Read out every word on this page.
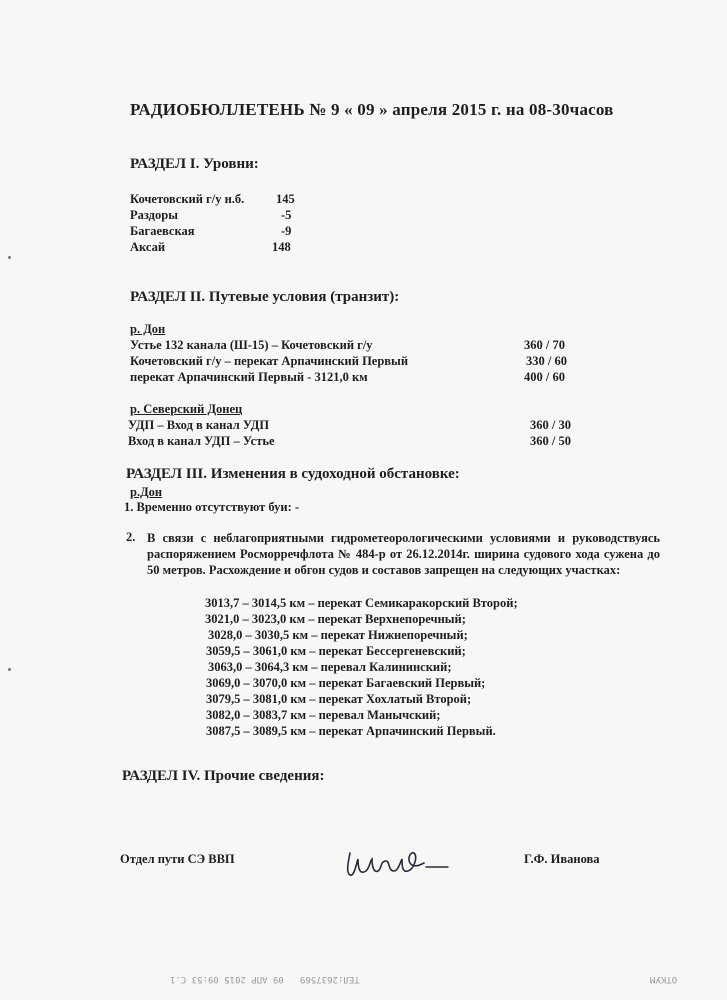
РАДИОБЮЛЛЕТЕНЬ № 9 « 09 » апреля 2015 г. на 08-30часов
РАЗДЕЛ I. Уровни:
Кочетовский г/у н.б.	145
Раздоры	-5
Багаевская	-9
Аксай	148
РАЗДЕЛ II. Путевые условия (транзит):
р. Дон
Устье 132 канала (Ш-15) – Кочетовский г/у	360 / 70
Кочетовский г/у – перекат Арпачинский Первый	330 / 60
перекат Арпачинский Первый - 3121,0 км	400 / 60
р. Северский Донец
УДП – Вход в канал УДП	360 / 30
Вход в канал УДП – Устье	360 / 50
РАЗДЕЛ III. Изменения в судоходной обстановке:
р.Дон
1. Временно отсутствуют буи: -
2. В связи с неблагоприятными гидрометеорологическими условиями и руководствуясь распоряжением Росморречфлота № 484-р от 26.12.2014г. ширина судового хода сужена до 50 метров. Расхождение и обгон судов и составов запрещен на следующих участках:
3013,7 – 3014,5 км – перекат Семикаракорский Второй;
3021,0 – 3023,0 км – перекат Верхнепоречный;
3028,0 – 3030,5 км – перекат Нижнепоречный;
3059,5 – 3061,0 км – перекат Бессергеневский;
3063,0 – 3064,3 км – перевал Калининский;
3069,0 – 3070,0 км – перекат Багаевский Первый;
3079,5 – 3081,0 км – перекат Хохлатый Второй;
3082,0 – 3083,7 км – перевал Манычский;
3087,5 – 3089,5 км – перекат Арпачинский Первый.
РАЗДЕЛ IV. Прочие сведения:
Отдел пути СЭ ВВП	Г.Ф. Иванова
09 АПР 2015 09:53 С.1 ТЕЛ:2637569	ОТКУМ
